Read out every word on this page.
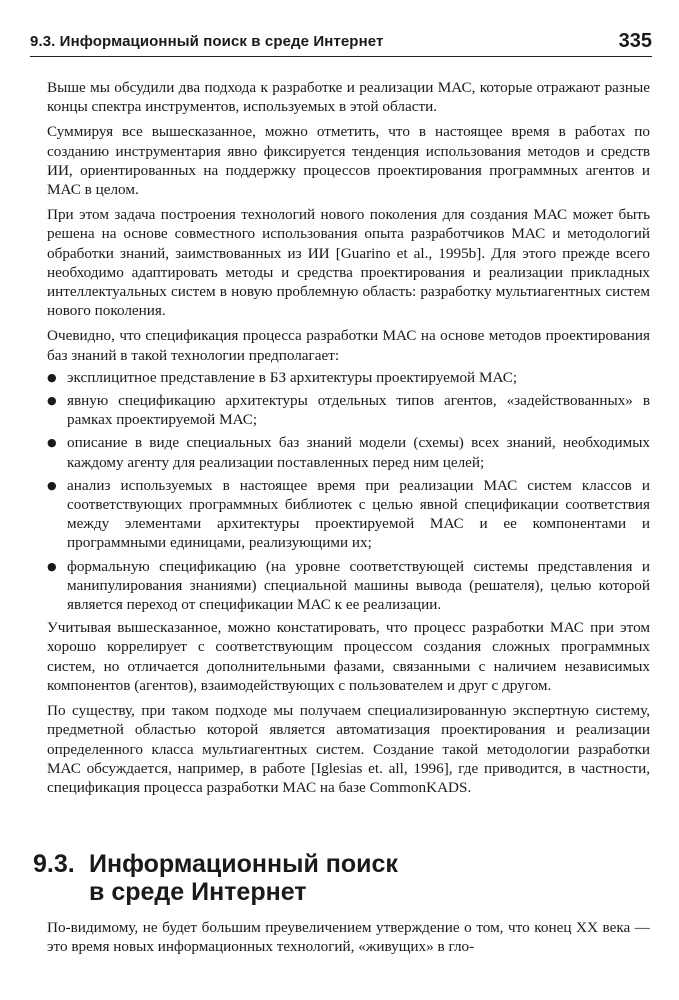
9.3. Информационный поиск в среде Интернет	335

Выше мы обсудили два подхода к разработке и реализации МАС, которые отражают разные концы спектра инструментов, используемых в этой области.

Суммируя все вышесказанное, можно отметить, что в настоящее время в работах по созданию инструментария явно фиксируется тенденция использования методов и средств ИИ, ориентированных на поддержку процессов проектирования программных агентов и МАС в целом.

При этом задача построения технологий нового поколения для создания МАС может быть решена на основе совместного использования опыта разработчиков МАС и методологий обработки знаний, заимствованных из ИИ [Guarino et al., 1995b]. Для этого прежде всего необходимо адаптировать методы и средства проектирования и реализации прикладных интеллектуальных систем в новую проблемную область: разработку мультиагентных систем нового поколения.

Очевидно, что спецификация процесса разработки МАС на основе методов проектирования баз знаний в такой технологии предполагает:

● эксплицитное представление в БЗ архитектуры проектируемой МАС;
● явную спецификацию архитектуры отдельных типов агентов, «задействованных» в рамках проектируемой МАС;
● описание в виде специальных баз знаний модели (схемы) всех знаний, необходимых каждому агенту для реализации поставленных перед ним целей;
● анализ используемых в настоящее время при реализации МАС систем классов и соответствующих программных библиотек с целью явной спецификации соответствия между элементами архитектуры проектируемой МАС и ее компонентами и программными единицами, реализующими их;
● формальную спецификацию (на уровне соответствующей системы представления и манипулирования знаниями) специальной машины вывода (решателя), целью которой является переход от спецификации МАС к ее реализации.

Учитывая вышесказанное, можно констатировать, что процесс разработки МАС при этом хорошо коррелирует с соответствующим процессом создания сложных программных систем, но отличается дополнительными фазами, связанными с наличием независимых компонентов (агентов), взаимодействующих с пользователем и друг с другом.

По существу, при таком подходе мы получаем специализированную экспертную систему, предметной областью которой является автоматизация проектирования и реализации определенного класса мультиагентных систем. Создание такой методологии разработки МАС обсуждается, например, в работе [Iglesias et. all, 1996], где приводится, в частности, спецификация процесса разработки МАС на базе CommonKADS.

9.3. Информационный поиск
в среде Интернет
По-видимому, не будет большим преувеличением утверждение о том, что конец XX века — это время новых информационных технологий, «живущих» в гло-
